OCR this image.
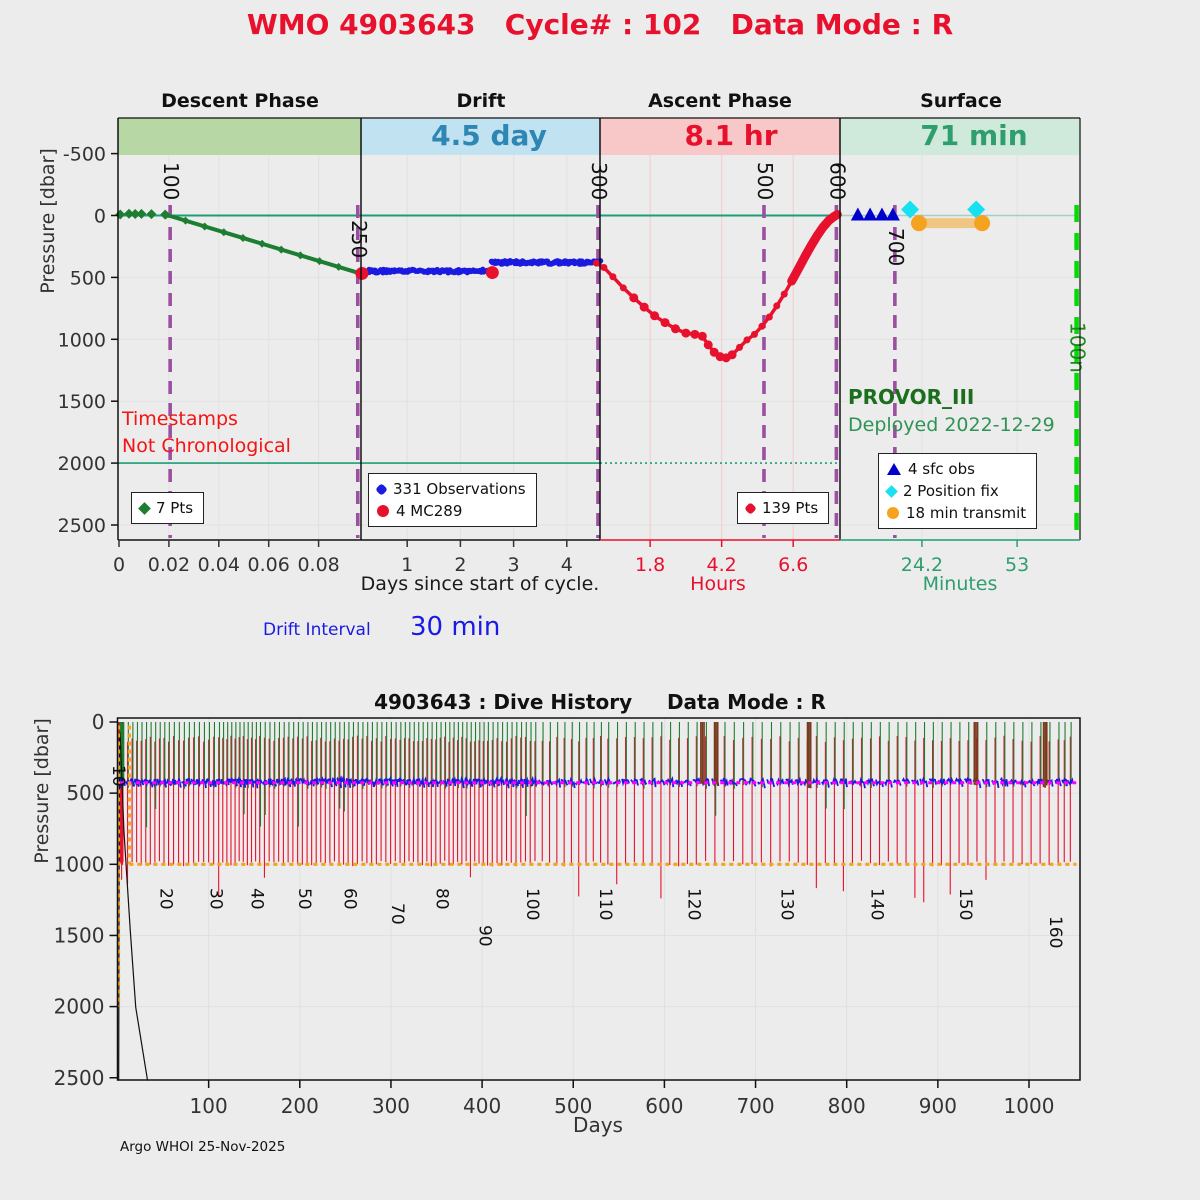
WMO 4903643   Cycle# : 102   Data Mode : R
100
250
300	500 600
700
100n
-500
0
500
1000
1500
2000
2500
0 0.02 0.04 0.06 0.08	1 2 3 4	1.8 4.2 6.6	24.2	53
Descent Phase	Drift	Ascent Phase	Surface
4.5 day	8.1 hr	71 min
Pressure [dbar]
Timestamps
Not Chronological
PROVOR_III
Deployed 2022-12-29
Days since start of cycle.	Hours	Minutes
7 Pts
331 Observations
4 MC289	139 Pts
4 sfc obs
2 Position fix
18 min transmit
Drift Interval 30 min
100	200	300	400	500	600	700	800	900 1000
0
500
1000
1500
2000
2500
10
20 30 40 50 60
70
80
90
100	110	120	130	140	150
160
4903643 : Dive History     Data Mode : R
Pressure [dbar]
Days
Argo WHOI 25-Nov-2025
